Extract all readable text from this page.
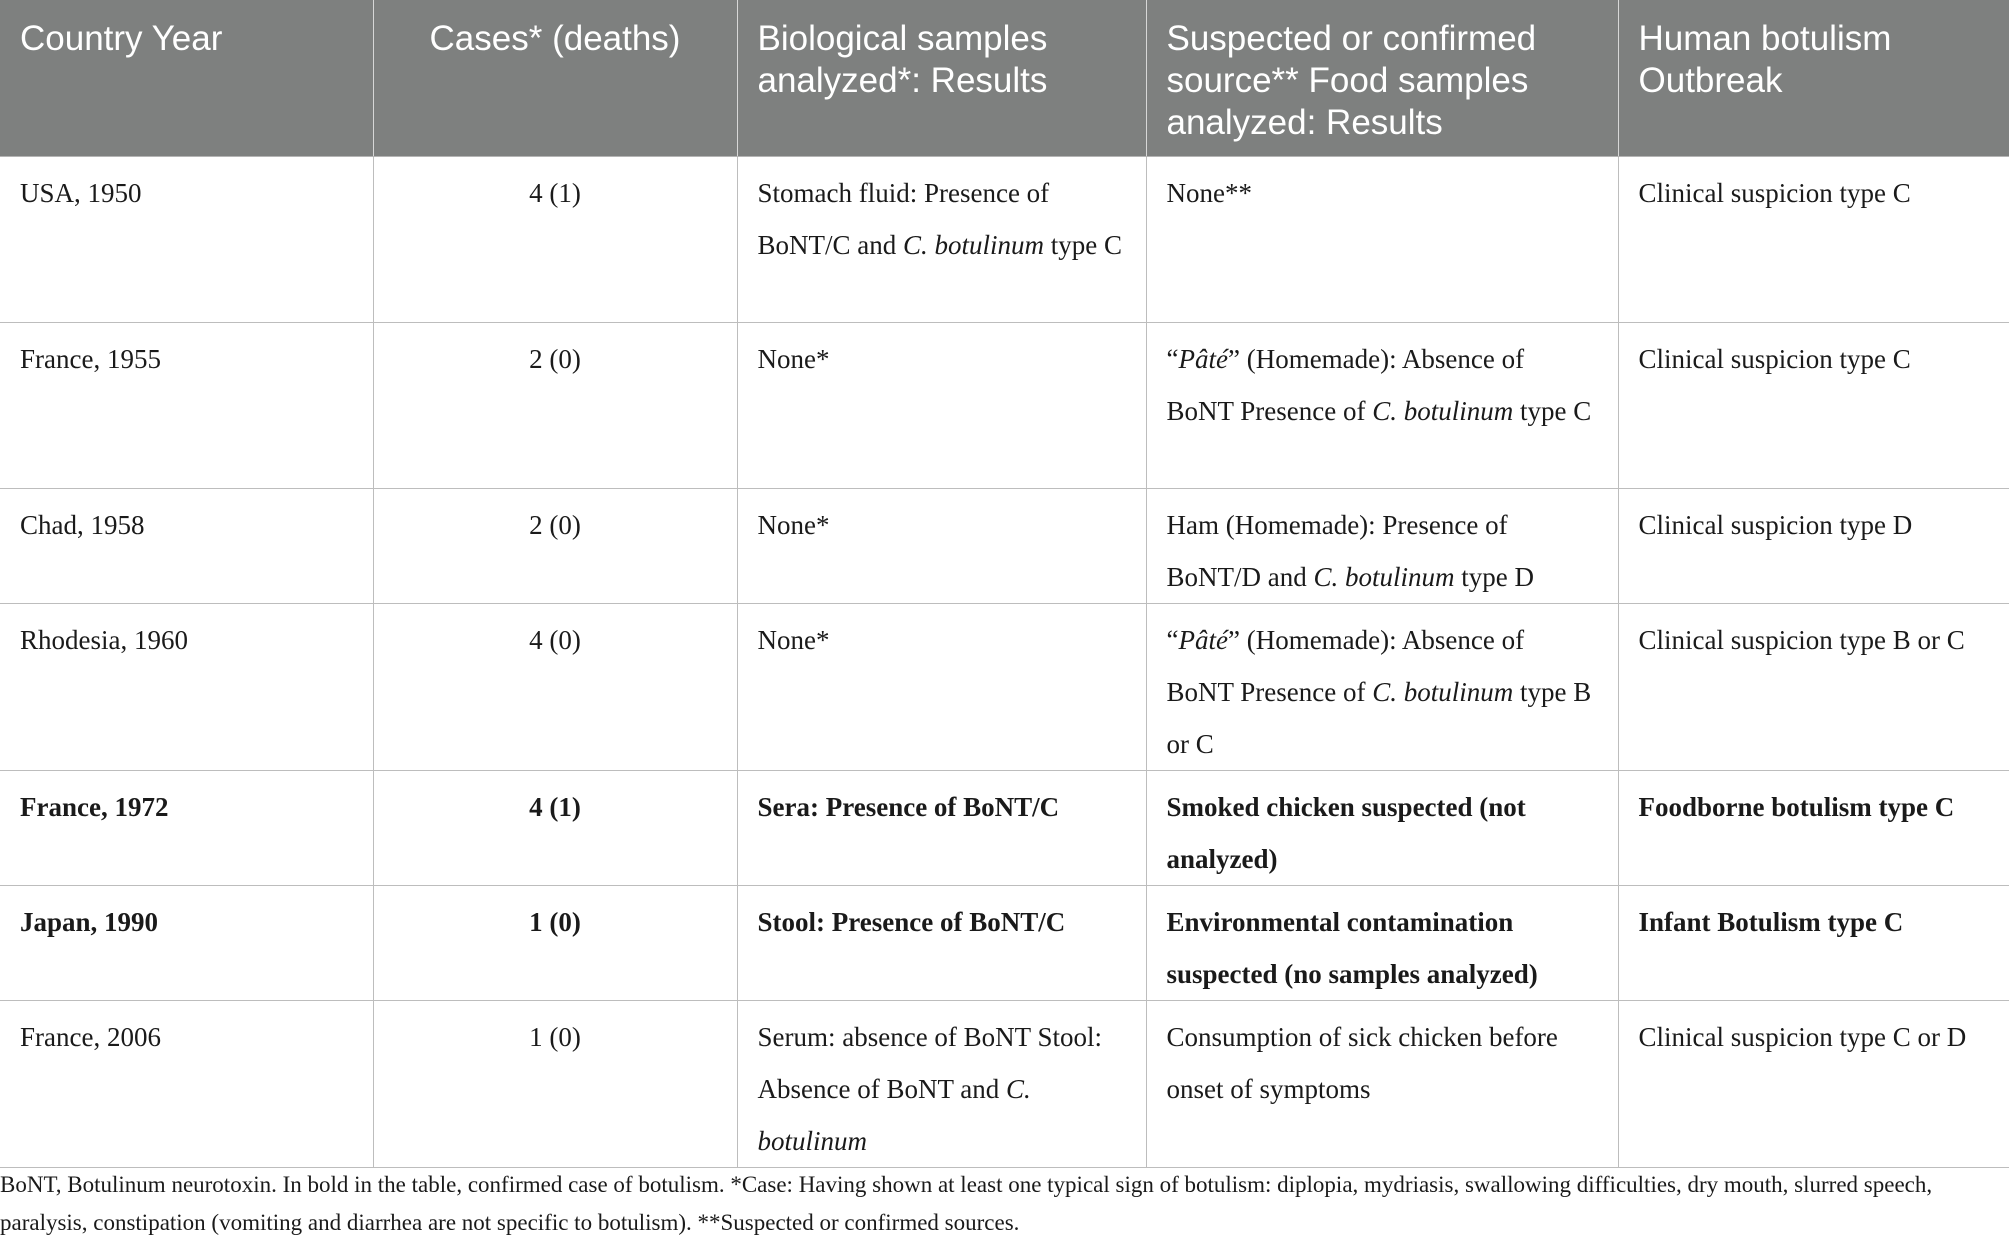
Country Year	Cases* (deaths)	Biological samples analyzed*: Results	Suspected or confirmed source** Food samples analyzed: Results	Human botulism Outbreak
USA, 1950	4 (1)	Stomach fluid: Presence of BoNT/C and C. botulinum type C	None**	Clinical suspicion type C
France, 1955	2 (0)	None*	“Pâté” (Homemade): Absence of BoNT Presence of C. botulinum type C	Clinical suspicion type C
Chad, 1958	2 (0)	None*	Ham (Homemade): Presence of BoNT/D and C. botulinum type D	Clinical suspicion type D
Rhodesia, 1960	4 (0)	None*	“Pâté” (Homemade): Absence of BoNT Presence of C. botulinum type B or C	Clinical suspicion type B or C
France, 1972	4 (1)	Sera: Presence of BoNT/C	Smoked chicken suspected (not analyzed)	Foodborne botulism type C
Japan, 1990	1 (0)	Stool: Presence of BoNT/C	Environmental contamination suspected (no samples analyzed)	Infant Botulism type C
France, 2006	1 (0)	Serum: absence of BoNT Stool: Absence of BoNT and C. botulinum	Consumption of sick chicken before onset of symptoms	Clinical suspicion type C or D
BoNT, Botulinum neurotoxin. In bold in the table, confirmed case of botulism. *Case: Having shown at least one typical sign of botulism: diplopia, mydriasis, swallowing difficulties, dry mouth, slurred speech, paralysis, constipation (vomiting and diarrhea are not specific to botulism). **Suspected or confirmed sources.
